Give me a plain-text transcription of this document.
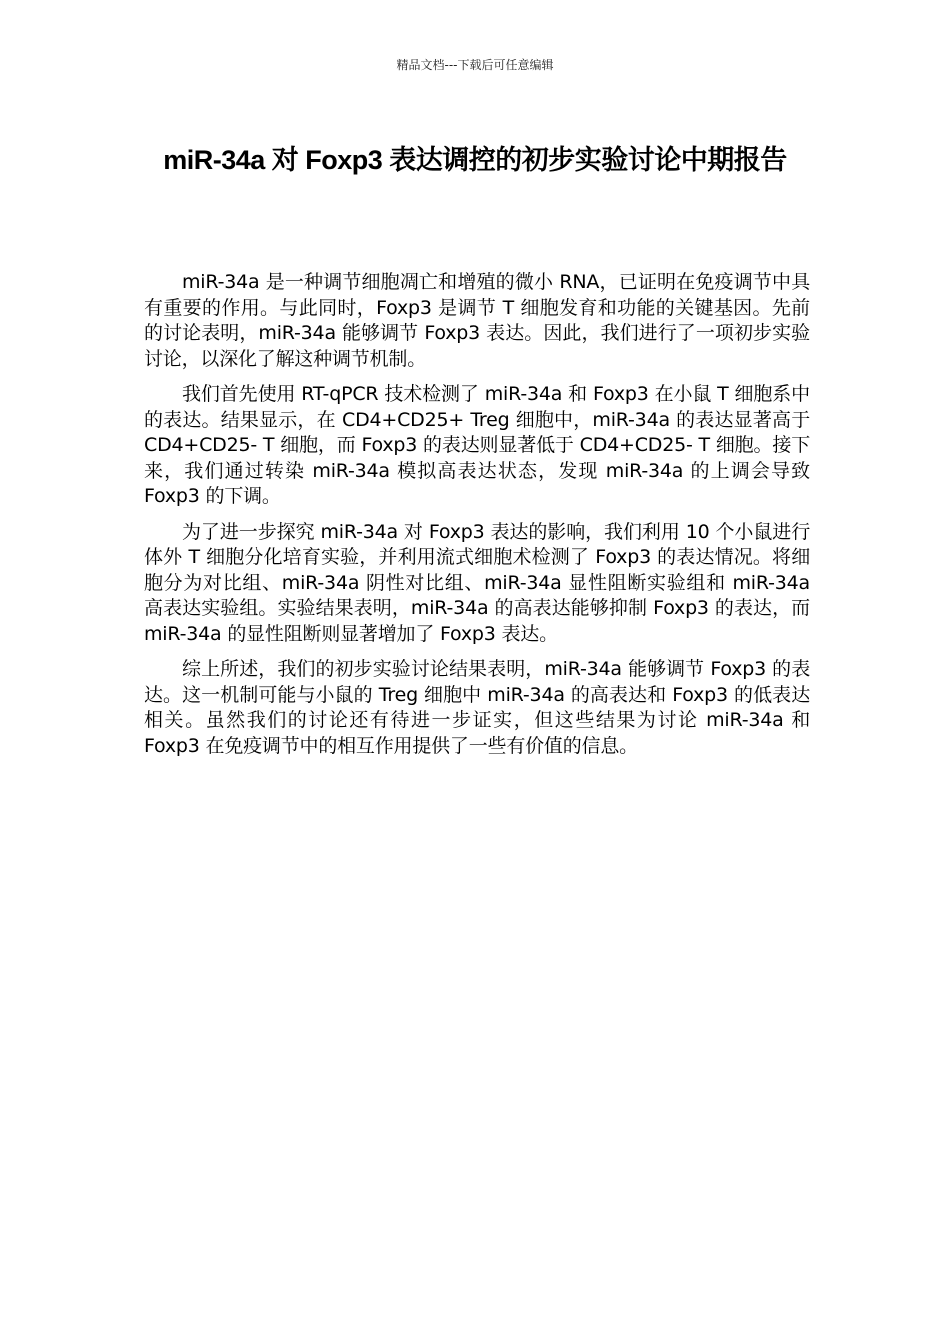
精品文档---下载后可任意编辑
miR-34a 对 Foxp3 表达调控的初步实验讨论中期报告

miR-34a 是一种调节细胞凋亡和增殖的微小 RNA，已证明在免疫调节中具有重要的作用。与此同时，Foxp3 是调节 T 细胞发育和功能的关键基因。先前的讨论表明，miR-34a 能够调节 Foxp3 表达。因此，我们进行了一项初步实验讨论，以深化了解这种调节机制。

我们首先使用 RT-qPCR 技术检测了 miR-34a 和 Foxp3 在小鼠 T 细胞系中的表达。结果显示，在 CD4+CD25+ Treg 细胞中，miR-34a 的表达显著高于 CD4+CD25- T 细胞，而 Foxp3 的表达则显著低于 CD4+CD25- T 细胞。接下来，我们通过转染 miR-34a 模拟高表达状态，发现 miR-34a 的上调会导致 Foxp3 的下调。

为了进一步探究 miR-34a 对 Foxp3 表达的影响，我们利用 10 个小鼠进行体外 T 细胞分化培育实验，并利用流式细胞术检测了 Foxp3 的表达情况。将细胞分为对比组、miR-34a 阴性对比组、miR-34a 显性阻断实验组和 miR-34a 高表达实验组。实验结果表明，miR-34a 的高表达能够抑制 Foxp3 的表达，而 miR-34a 的显性阻断则显著增加了 Foxp3 表达。

综上所述，我们的初步实验讨论结果表明，miR-34a 能够调节 Foxp3 的表达。这一机制可能与小鼠的 Treg 细胞中 miR-34a 的高表达和 Foxp3 的低表达相关。虽然我们的讨论还有待进一步证实，但这些结果为讨论 miR-34a 和 Foxp3 在免疫调节中的相互作用提供了一些有价值的信息。
